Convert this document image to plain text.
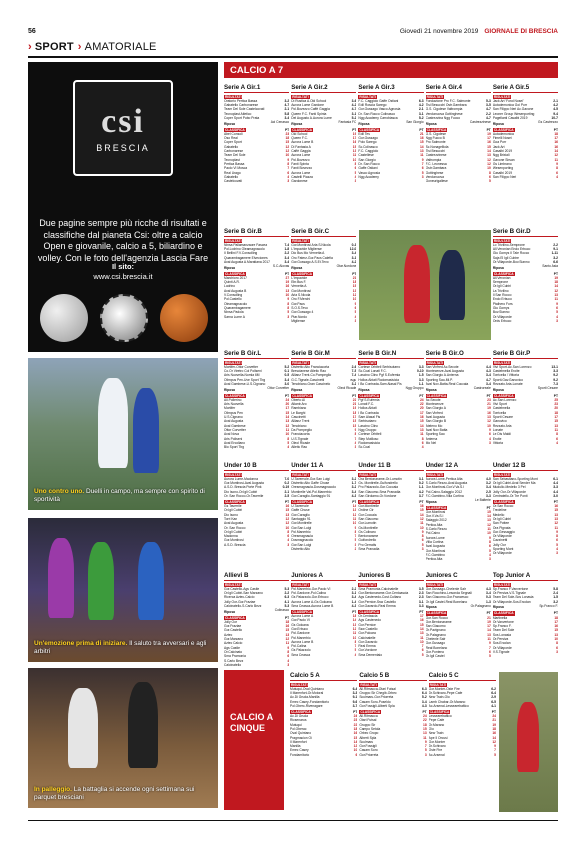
56	Giovedì 21 novembre 2019 GIORNALE DI BRESCIA
› SPORT › AMATORIALE
csi
BRESCIA
Due pagine sempre più ricche di risultati e classifiche dal pianeta Csi: oltre a calcio Open e giovanile, calcio a 5, biliardino e volley. Con le foto dell'agenzia Lascia Fare
Il sito:
www.csi.brescia.it
Uno contro uno. Duelli in campo, ma sempre con spirito di sportività
Un'emozione prima di iniziare. Il saluto tra avversari e agli arbitri
In palleggio. La battaglia si accende ogni settimana sui parquet bresciani
CALCIO A 7
Serie A Gir.1
RISULTATI
Oratorio Pertica Bassa	3-2
Gabatello Carbonarese	4-7
Team Del Sole Castelcovati	2-1
Tecnoplast Atletico	5-8
Coper Sport Pubo Prata	3-4
Riposa	Aci Cenasco
CLASSIFICA	PT
Abel Consoli	23
Oso Real	18
Coper Sport	15
Gabatello	12
Carbonarese	12
Team Del Sole	10
Tecnoplast	9
Pertica Bassa	8
Paolo VI Mosca	7
Real Urago	6
Gabatello	4
Castelcovati	3
Serie A Gir.2
RISULTATI
Di Rustica A.Old School	3-6
Aurora Lume Gardone	4-2
Pol.Bovezzo Caffè Gaggia	4-7
Queen F.C. Fanti Spinta	3-1
Del Augusto A.Aurora Lume	5-2
Riposa	Fantasia FC
CLASSIFICA	PT
Old School	19
Queen F.C.	17
Aurora Lume B	16
Di Fantasia A	15
Caffè Gaggia	13
Aurora Lume	11
Pol.Bovezzo	10
Fanti Spinta	8
Fanti Bovezzo	6
Aurora Lume	5
Castelli Piazza	4
Gardonese	3
Serie A Gir.3
RISULTATI
F.C. Caggiolo Gaffe Ostiani	6-3
Edil Roscia Sarego	4-2
Gor.Gussago Vasco Agnosia	2-1
Dr. San Rocco Colinasco	3-1
Ngg Academy Carrobiasca	5-2
Riposa	San Giorgio
CLASSIFICA	PT
Edil Tes	21
Gor.Gussago	16
Polo Sarego	15
Sc.Colinasco	14
F.C. Caggiolo	13
Castellese	11
San Giorgio	9
Dr. San Rocco	7
Gaffe Ostiani	6
Vasco Agnosia	5
Ngg Academy	3
Serie A Gir.4
RISULTATI
Fondazione Pro F.C. Salmonte	5-3
Tisi Besucchi Ostr.Gambara	3-5
G.S. Cigolese Valtrompia	4-7
Verolanuova Gottinghese	2-2
Castrezzina Ngg Fuoco	4-7
Riposa	Castrezzinese
CLASSIFICA	PT
G.S. Cigolese	19
Ngg Fuoco B	17
Pro Salmonte	16
Sc.Nonagelliola	15
Tisi Besucchi	14
Castrezzinese	13
Valtrompia	12
F.C. Leonessa	12
Ostr.Gambara	10
Gottinghese	8
Verolanuova	6
Goneurigallese	5
Serie A Gir.5
RISULTATI
Jack Art 'Fond Nosei'	2-1
Autodemonica Goi Porr	4-2
San Filippo Neri Ac.Gavone	4-5
Leoner Group Wesenporting	9-4
Pagellanti Casalbi 2019	10-7
Riposa	Gs Castrezzo
CLASSIFICA	PT
Autodemonica	18
Fimelli Nosei	17
Goa Porr	16
Jack Art	16
Casalbi 2019	14
Ngg Brixiali	12
Gavone Sirsan	11
Gs Limbrano	9
Wesenporting	8
Casalbi 2019	6
San Filippo Neri	4
Serie B Gir.B
RISULTATI
Ninsa Pallamanzaore Fascea	7-4
Pol.Lodrino Oleamagnacolo	1-8
II Bellini F.V.Consolling	2-2
Quarambagamere Elveciones	3-4
Aval Augusta A.Maratiana 2017	3-4
Riposa	S.C.Alovas
CLASSIFICA	PT
Marchioro 2017	27
Quinti A.R.	19
Lodrino	16
Aval Augusta B	13
V.Consolling	10
Pol.Castello	9
Oleamagnacolo	8
Quarambagamere	8
Ninsa Padola	5
Sarna Lume A	3
Serie B Gir.C
RISULTATI
Gor.Montirosi Aria S.Nicola	0-3
L'Impavide Migliense	12-0
Dio Bus Mo Vernetta A	3-4
Oro Faterz-Gor.Pacs Calefia	3-1
Gor.Gussago A.S.Et.Tevo	4-2
Riposa	Otar.Nordone
CLASSIFICA	PT
L'Impavide	21
Ebr.Bus F.	18
Vernetta A	15
Gor.Montirosi	13
Aria S.Nicola	12
Oro F.Merchi	10
Gor.Pacs	9
S.O.S.Tevo	6
Gor.Gussago 4	5
Ptar.Nordo	4
Migliense	3
Serie B Gir.D
RISULTATI
Lo Trivilino-Semprone	2-2
All.Veronian Endo Erbuco	9-1
Giu Gomys II Tale Rocco	1-11
Saja El Igli Cubire	3-2
Or.Villaporde-Bov.Sianno	6-6
Riposa	Santo Asia
CLASSIFICA	PT
All.Veronian	19
Semprone	18
Or.Igli Cubiri	14
La Trivilino	12
Il San Rocco	13
Endo Erbuco	11
Ptalhero Fors	9
Giu Gomys	6
Bov.Sianno	5
Or.Villaporde	4
Ords Erbuco	3
Serie B Gir.L
RISULTATI
Mortifer-Ottor Corvetter	5-2
Co.Or Viretro Col Pollseni	0-1
Aris Nuovella-Nomla 6M	0-5
Olimpus Pen-Uve Sport Tbg	3-4
Aval Gambese-U.S.Cignano	3-0
Riposa	Ottor Corvetter
CLASSIFICA	PT
All.Pollerino	24
Aris Nuovella	20
Mortifer	17
Olimpus Pen	15
U.S.Cignano	14
Aval Augusta	13
Aval Gambese	12
Ottor Corvetter	11
Aval Nova	10
Aris Poliseni	8
Aval Ercoliano	5
Bio Sport Tbg	4
Serie B Gir.M
RISULTATI
Distretto Alto Franciacorta	2-6
Brescianese Atletic Rao	7-5
Allianz Trent-Co.Pompeglio	7-4
G.C.Tignale-Cascinetti	n.p.
Tenobiano-Gran Cascinelo	3-2
Riposa	Oleol Ricade
CLASSIFICA	PT
Oberto Al	22
Atlantr.Aro	21
Rambiano	19
Le Barghi	18
Cascinetti	17
Allianz Trent	15
Tenobiano	15
Da Pompeglio	9
Franciacorta	8
U.S.Tignale	7
Oleol Ricade	4
Atletic Rao	3
Serie B Gir.N
RISULTATI
Cortese Orbiteli Serbisotarro	3-3
Sc.Coal Lonati F.C.	0-10
Lascino Clinc Pgf S.Eufemia	1-5
Hollus Abiati Rodomasisicia	3-3
I Bo Contrada-Sam Alasal Fis	1-1
Riposa	Ngg Gruppo
CLASSIFICA	PT
Pgf S.Eufemia	24
Lonati F.C.	22
Hollus Abiati	20
I Bo Contrada	17
Sam Alasal Fis	16
Serbisotarro	15
Lascino Clinc	14
Ngg Gruppo	13
Cortese Orbiteli	11
Step Mutiloso	8
Rodomasisicia	6
Sc.Coal	4
Serie B Gir.O
RISULTATI
San Vinfred Ac.Secote	4-4
Montecenze-Aval Augusta	4-3
San Giorgio A.Anterna	3-4
Sporting Sao-Mi.P.	4-7
Aval Nov-Batta-Real Coccaia	3-4
Riposa	Castroreale
CLASSIFICA	PT
Ac.Secote	23
Montecenze	21
San Giorgio A	19
San Vinfred	16
Aval Augusta	13
San Giorgio B	12
Ateleno Mo	10
Aval Nov Batta	9
Sporting Sao	6
Anterna	4
Mo Nel	3
Serie B Gir.P
RISULTATI
Vivi Sport-Ac.San Lorenzo	13-1
Castelmella Eroite	3-3
Torricella / Vittoria	9-2
Sporti.Gav.Ganovico	9-2
Rezzato Aria-Lonate	7-3
Riposa	Sporti Cesare
CLASSIFICA	PT
Ac.San Lorenzo	25
Vivi Sport	23
Castelmella	20
Torricella	18
Sporti Cesare	17
Ganovico	15
Rezzato Aria	13
Lonate	11
Le Dis Maldi	8
Eroite	6
Vittoria	4
Under 10 B
RISULTATI
Aurora Lume-Madonna	7-0
Gor.Montirosi-Aval Augusta	0-2
A.S.D. Brescia Porte Pink	0-19
Dio Isono-Or.Igli Cubiri	2-1
Or. San Rocco-Or.Taverrile	2-5
CLASSIFICA	PT
Gs Taverrile	16
Or.Igli Cubiri	15
Dio Isono	13
Torri Kan	12
Aval Augusta	12
Or. San Rocco	10
Or.Igli Cubiri	8
Madonna	6
Gor.Montirosi	4
A.S.D. Brescia	3
Under 11 A
RISULTATI
U.Tavernole-Gor.San Luigi	3-2
Distretto Alto Gaffe Chuse	1-7
Oresmagnaula-Dosmagnacolo	3-2
Montirelle Val-Pol.Manerbio	3-4
Gor.Caraglio-Santaggio 91	4-3
CLASSIFICA	PT
U.Tavernole	14
Gaffe Chuse	13
Gor.Caraglio	12
Santaggio 91	11
Gor.Montirelle	10
Gor.San Luigi	9
Pol.Manerbio	8
Oresmagnaula	7
Dosmagnacolo	5
Gor.San Luigi	3
Distretto Alto	2
Under 11 B
RISULTATI
Ora Bentonarame-Or.Lumotin	3-1
Gs. Montirelle-Guifondrello	0-2
Pro Palazzolo-Gor.Coccaia	1-1
San Giacomo-Sma Pranadia	4-2
San Girolamo-Or.Vordone	3-7
CLASSIFICA	PT
Gor.Montirelle	16
Ordine Ctr	15
Gor.Coccaia	14
San Giacomo	12
Gor.Lumotin	11
Gs.Montirelle	10
Gs Colinaro	9
Bentonarame	8
Guifondrello	6
Pro Gerratis	5
Sma Pranadia	3
Under 12 A
RISULTATI
Aurora Lume-Pertica Alta	4-0
S.Carlo Rezzu-Aval Augusta	3-2
Gor.Montirosi-Gor.V.Va.S.I	3-4
Pol.Caino-Salaggio 2012	2-5
F.C.Gambino-Villa Cortina	3-3
Riposa	Le Balterie
CLASSIFICA	PT
Gor.Montirosi	15
Gor.V.Va.S.I	14
Salaggio 2012	13
Pertica Alta	12
S.Carlo Rezzu	11
Pol.Caino	10
Aurora Lume	9
Villa Cortina	8
Aval Augusta	6
Gor.Montirosi	5
F.C.Gambino	4
Pertica Alta	3
Under 12 B
RISULTATI
San Sebastiano-Sporting Mont	6-1
Or.Igli Cubiri-Aval Sender Ma	4-4
Mudullo-Medelio 3 Pel	3-3
Jolly Oor-Or.Villaporde	4-4
Centratello-Or.Tre Ponti	3-0
CLASSIFICA	PT
Or.San Rocco	16
Tredeline	15
Medelio	13
Or.Igli Cubiri	13
San Pottee	12
Ora Pignata	11
Gor.Gessaggio	9
Or.Villaporde	8
Cazzinetti	6
Jolly Oor	5
Sporting Mont	4
Or.Villaporde	3
Allievi B
RISULTATI
Gor.Castello-Ags Castle	5-3
Or.Igli Cubiri-San Marzano	2-2
Ricerca Aztec-Calcio	6-3
Jolly Oor-Gor.Fraziae	4-1
Calcinatello-S.Carlo Bezz	5-3
Riposa	Colinasco
CLASSIFICA	PT
Jolly Oor	18
Gor.Fraziae	16
Gor.Castello	15
Aztec	13
Gor.Marzano	12
Aztec Calcio	11
Ags Castle	9
Or.Calcinato	8
Sma Pramonia	6
S.Carlo Bezz	4
Calcinatello	3
Juniores A
RISULTATI
Pol.Manerbio-Gor.Paolo VI	2-2
Pol.Gardone-Pol.Calina	3-1
Gs Palazzolo-Gor.Erbuco	3-4
Aurora Lume A-Gs Golcana	1-4
Sma Ceasca-Aurora Lume B	4-3
CLASSIFICA	PT
Aurora Lume A	18
Gor.Paolo VI	14
Gs Golcana	13
Gor.Erbuco	12
Pol.Gardone	11
Pol.Manerbio	10
Aurora Lume B	8
Pol.Calina	7
Gs Palazzolo	5
Sma Ceasca	4
Juniores B
RISULTATI
Sma Pramonia-Calcinatelle	3-5
Gor.Bentonarame-Gor.Centoascia	2-3
Ags Castenedo-Cost.Cultano	2-3
Gor.Pernice-Ssw Castello	3-1
Gor.Gavardo-Real Emma	3-3
CLASSIFICA	PT
Or.Centascia	17
Ags Castenedo	16
Gor.Pernice	15
Ssw Castello	14
Gor.Polcara	13
Calcinatelle	11
Gor.Gavardo	10
Real Emma	7
Gor.Vordone	6
Sma Dementaio	5
Juniores C
RISULTATI
Gor.Gussago-Chelenle Salr	4-3
San Rocchino-Lesonda Segnali	3-4
San Giacomo-Gor.Francesco	0-3
Or.Igli Castel-Real Bonelano	1-3
Riposa	Or.Palagnano
CLASSIFICA	PT
Gor.San Rocco	21
Gor.Bentonarame	19
San Giacomo	17
Or.Pavignano	14
Or.Palagnano	13
Chelenle Salr	11
Gor.Gussago	9
Real Bonelano	7
Gor.Ponteno	6
Or.Igli Castel	5
Top Junior A
RISULTATI
Sp.Franco F.Vanvertone	5-8
Or.Persiva-V.S.Tignale	2-4
Team Del Sole-Sos Lonasia	1-5
Or.Villaporde-Sos.Ercolan	3-2
Riposa	Sp.Franco F.
CLASSIFICA	PT
Martinella	18
Or.Vanvertone	17
Sp.Franco F.	16
Team Del Sole	15
Sos Lonasia	13
Or.Persiva	10
Sos.Ercolan	8
Or.Villaporde	6
V.S.Tignale	3
CALCIO A CINQUE
Calcio 5 A
RISULTATI
Mutuqui-Oval Quintano	6-4
Il Marenfort-Or.Motoral	3-3
Ac.Di Gruda-Manilla	9-1
Emec Casey-Fondamitorio	9-6
Pol.Oberc-Rivenagare	3-7
CLASSIFICA	PT
Ac.Di Gruda	24
Ricsenarus	23
Mutuqui	22
Pol.Oberac	18
Oval Quintano	16
Pragmacion Oi	15
Il Marenfort	14
Manilla	12
Emec Casey	10
Fondamitorio	6
Calcio 5 B
RISULTATI
All.Ritmacca-Otari Futsal	6-3
Gruppo Sir Chegib-Orbec	6-4
Sculmaru-Gor.Priorreta	5-2
Casam Soro-Poseldo	3-4
Gor.Fossigli-Alberti Spla	4-3
CLASSIFICA	PT
All.Ritmacca	24
Otari Futsal	22
Gruppo Sir	18
Campo Setola	15
Orbec Gropo	13
Alberti Spla	11
Sculmaru	9
Gor.Fossigli	7
Casam Soro	5
Gor.Priorreta	3
Calcio 5 C
RISULTATI
Gor.Monter-Oste Fire	6-2
Dr.Schivaro-Pepe Cafe	6-4
New Train-Oio	2-9
Lamb Chabar-Or.Marano	6-5
Ac.Arsenal-Lessearebaltico	4-1
CLASSIFICA	PT
Lessearebaltico	24
Pepe Cafe	21
Or.Marano	19
Oio	18
New Train	16
Ape Il Orcusi	14
Gor.Monter	12
Dr.Schivaro	9
Oste Fire	7
Ac.Arsenal	5
